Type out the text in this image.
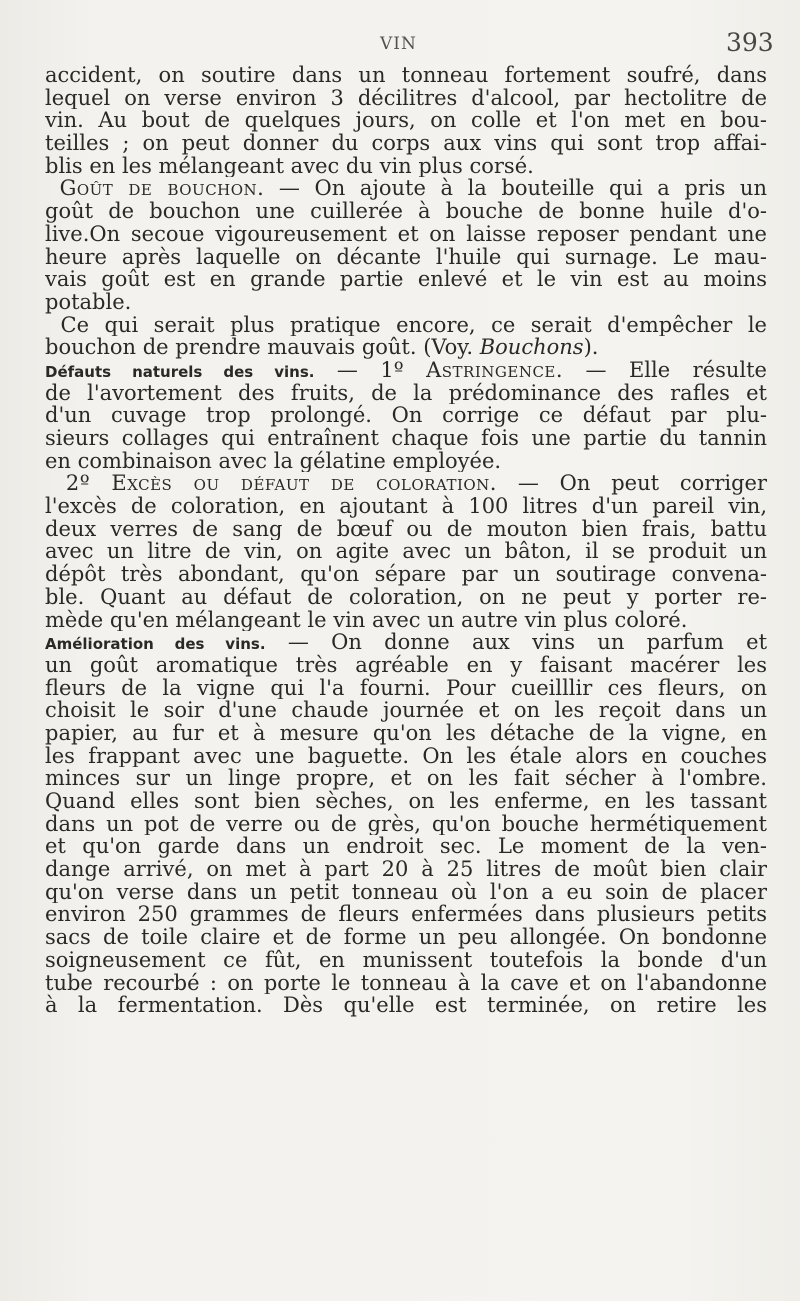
VIN	393
accident, on soutire dans un tonneau fortement soufré, dans
lequel on verse environ 3 décilitres d'alcool, par hectolitre de
vin. Au bout de quelques jours, on colle et l'on met en bou-
teilles ; on peut donner du corps aux vins qui sont trop affai-
blis en les mélangeant avec du vin plus corsé.
Goût de bouchon. — On ajoute à la bouteille qui a pris un
goût de bouchon une cuillerée à bouche de bonne huile d'o-
live.On secoue vigoureusement et on laisse reposer pendant une
heure après laquelle on décante l'huile qui surnage. Le mau-
vais goût est en grande partie enlevé et le vin est au moins
potable.
Ce qui serait plus pratique encore, ce serait d'empêcher le
bouchon de prendre mauvais goût. (Voy. Bouchons).
Défauts naturels des vins. — 1º Astringence. — Elle résulte
de l'avortement des fruits, de la prédominance des rafles et
d'un cuvage trop prolongé. On corrige ce défaut par plu-
sieurs collages qui entraînent chaque fois une partie du tannin
en combinaison avec la gélatine employée.
2º Excès ou défaut de coloration. — On peut corriger
l'excès de coloration, en ajoutant à 100 litres d'un pareil vin,
deux verres de sang de bœuf ou de mouton bien frais, battu
avec un litre de vin, on agite avec un bâton, il se produit un
dépôt très abondant, qu'on sépare par un soutirage convena-
ble. Quant au défaut de coloration, on ne peut y porter re-
mède qu'en mélangeant le vin avec un autre vin plus coloré.
Amélioration des vins. — On donne aux vins un parfum et
un goût aromatique très agréable en y faisant macérer les
fleurs de la vigne qui l'a fourni. Pour cueilllir ces fleurs, on
choisit le soir d'une chaude journée et on les reçoit dans un
papier, au fur et à mesure qu'on les détache de la vigne, en
les frappant avec une baguette. On les étale alors en couches
minces sur un linge propre, et on les fait sécher à l'ombre.
Quand elles sont bien sèches, on les enferme, en les tassant
dans un pot de verre ou de grès, qu'on bouche hermétiquement
et qu'on garde dans un endroit sec. Le moment de la ven-
dange arrivé, on met à part 20 à 25 litres de moût bien clair
qu'on verse dans un petit tonneau où l'on a eu soin de placer
environ 250 grammes de fleurs enfermées dans plusieurs petits
sacs de toile claire et de forme un peu allongée. On bondonne
soigneusement ce fût, en munissent toutefois la bonde d'un
tube recourbé : on porte le tonneau à la cave et on l'abandonne
à la fermentation. Dès qu'elle est terminée, on retire les
